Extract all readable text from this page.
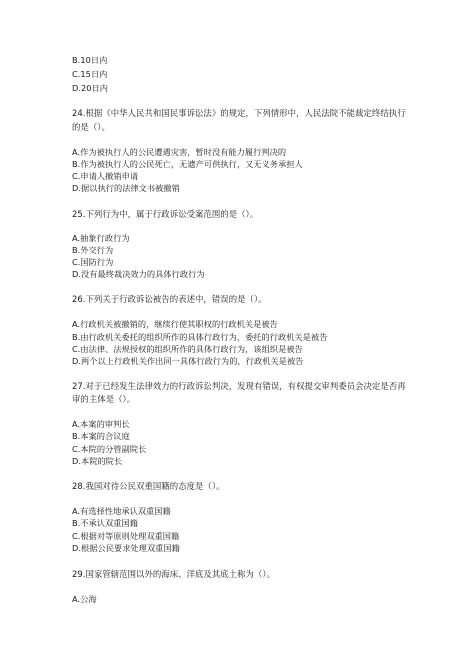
B.10日内
C.15日内
D.20日内
24.根据《中华人民共和国民事诉讼法》的规定，下列情形中，人民法院不能裁定终结执行
的是（）。
A.作为被执行人的公民遭遇灾害，暂时没有能力履行判决的
B.作为被执行人的公民死亡，无遗产可供执行，又无义务承担人
C.申请人撤销申请
D.据以执行的法律文书被撤销
25.下列行为中，属于行政诉讼受案范围的是（）。
A.抽象行政行为
B.外交行为
C.国防行为
D.没有最终裁决效力的具体行政行为
26.下列关于行政诉讼被告的表述中，错误的是（）。
A.行政机关被撤销的，继续行使其职权的行政机关是被告
B.由行政机关委托的组织所作的具体行政行为，委托的行政机关是被告
C.由法律、法规授权的组织所作的具体行政行为，该组织是被告
D.两个以上行政机关作出同一具体行政行为的，行政机关是被告
27.对于已经发生法律效力的行政诉讼判决，发现有错误，有权提交审判委员会决定是否再
审的主体是（）。
A.本案的审判长
B.本案的合议庭
C.本院的分管副院长
D.本院的院长
28.我国对待公民双重国籍的态度是（）。
A.有选择性地承认双重国籍
B.不承认双重国籍
C.根据对等原则处理双重国籍
D.根据公民要求处理双重国籍
29.国家管辖范围以外的海床、洋底及其底土称为（）。
A.公海
